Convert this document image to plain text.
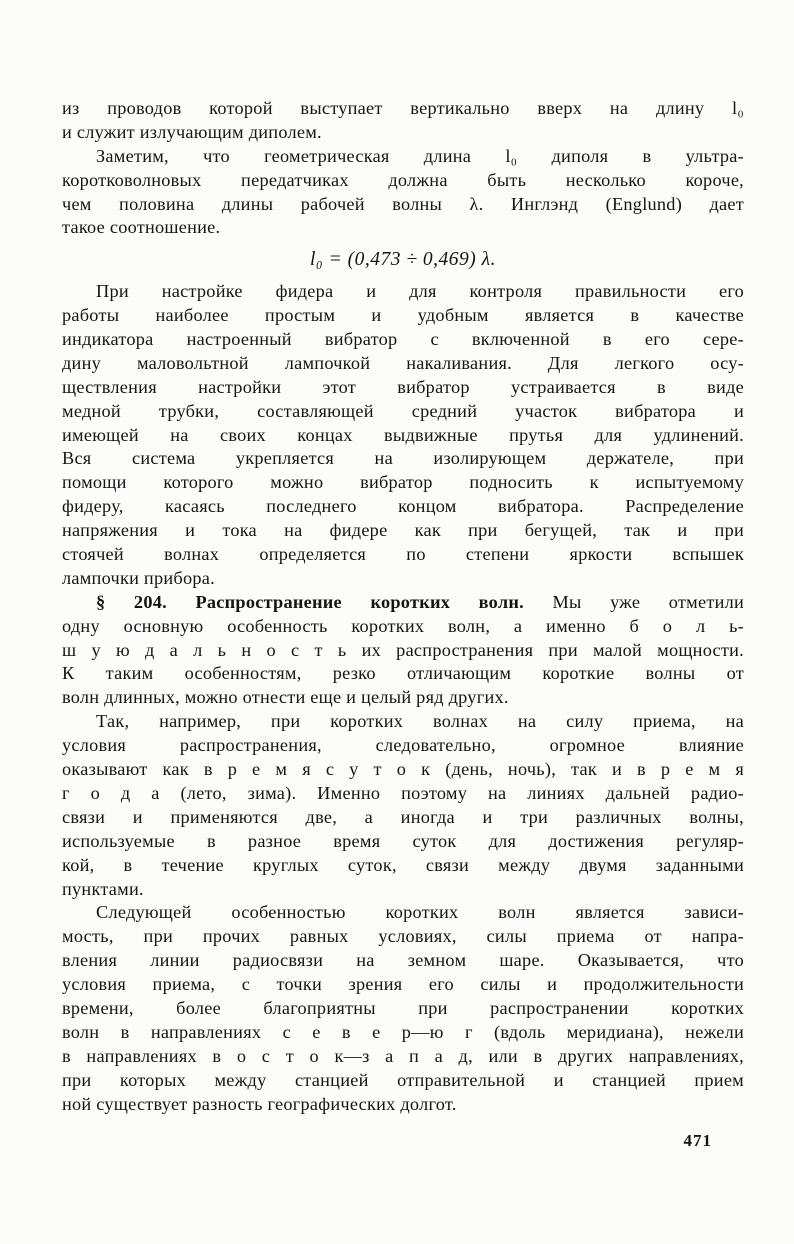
из проводов которой выступает вертикально вверх на длину l₀
и служит излучающим диполем.
Заметим, что геометрическая длина l₀ диполя в ультра-
коротковолновых передатчиках должна быть несколько короче,
чем половина длины рабочей волны λ. Инглэнд (Englund) дает
такое соотношение.
l₀ = (0,473 ÷ 0,469) λ.
При настройке фидера и для контроля правильности его
работы наиболее простым и удобным является в качестве
индикатора настроенный вибратор с включенной в его сере-
дину маловольтной лампочкой накаливания. Для легкого осу-
ществления настройки этот вибратор устраивается в виде
медной трубки, составляющей средний участок вибратора и
имеющей на своих концах выдвижные прутья для удлинений.
Вся система укрепляется на изолирующем держателе, при
помощи которого можно вибратор подносить к испытуемому
фидеру, касаясь последнего концом вибратора. Распределение
напряжения и тока на фидере как при бегущей, так и при
стоячей волнах определяется по степени яркости вспышек
лампочки прибора.
§ 204. Распространение коротких волн. Мы уже отметили
одну основную особенность коротких волн, а именно б о л ь-
ш у ю д а л ь н о с т ь их распространения при малой мощности.
К таким особенностям, резко отличающим короткие волны от
волн длинных, можно отнести еще и целый ряд других.
Так, например, при коротких волнах на силу приема, на
условия распространения, следовательно, огромное влияние
оказывают как в р е м я с у т о к (день, ночь), так и в р е м я
г о д а (лето, зима). Именно поэтому на линиях дальней радио-
связи и применяются две, а иногда и три различных волны,
используемые в разное время суток для достижения регуляр-
кой, в течение круглых суток, связи между двумя заданными
пунктами.
Следующей особенностью коротких волн является зависи-
мость, при прочих равных условиях, силы приема от напра-
вления линии радиосвязи на земном шаре. Оказывается, что
условия приема, с точки зрения его силы и продолжительности
времени, более благоприятны при распространении коротких
волн в направлениях с е в е р—ю г (вдоль меридиана), нежели
в направлениях в о с т о к—з а п а д, или в других направлениях,
при которых между станцией отправительной и станцией прием
ной существует разность географических долгот.
471
